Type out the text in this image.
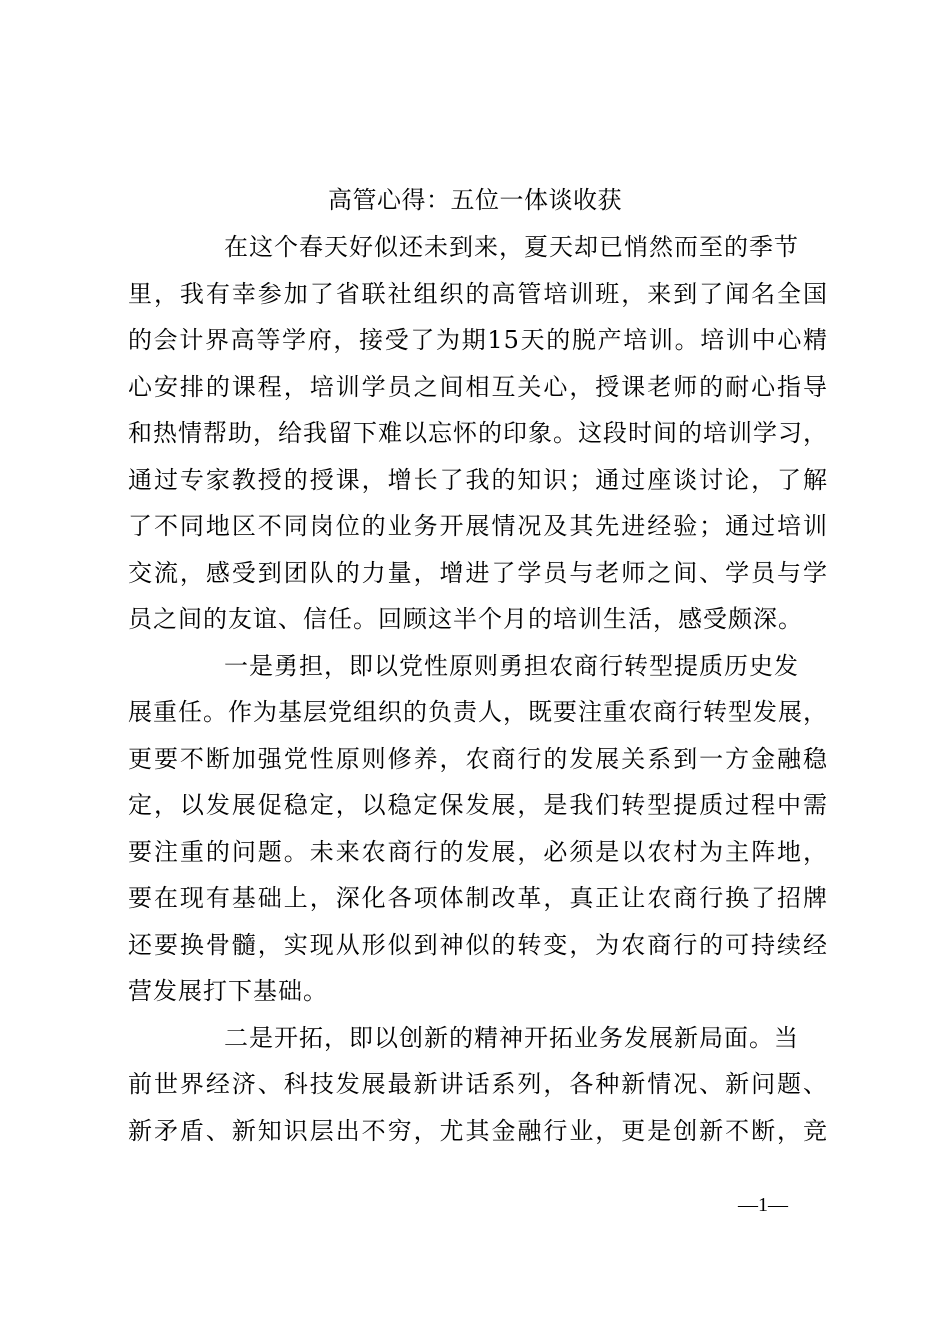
高管心得：五位一体谈收获
在这个春天好似还未到来，夏天却已悄然而至的季节
里，我有幸参加了省联社组织的高管培训班，来到了闻名全国
的会计界高等学府，接受了为期15天的脱产培训。培训中心精
心安排的课程，培训学员之间相互关心，授课老师的耐心指导
和热情帮助，给我留下难以忘怀的印象。这段时间的培训学习，
通过专家教授的授课，增长了我的知识；通过座谈讨论，了解
了不同地区不同岗位的业务开展情况及其先进经验；通过培训
交流，感受到团队的力量，增进了学员与老师之间、学员与学
员之间的友谊、信任。回顾这半个月的培训生活，感受颇深。
一是勇担，即以党性原则勇担农商行转型提质历史发
展重任。作为基层党组织的负责人，既要注重农商行转型发展，
更要不断加强党性原则修养，农商行的发展关系到一方金融稳
定，以发展促稳定，以稳定保发展，是我们转型提质过程中需
要注重的问题。未来农商行的发展，必须是以农村为主阵地，
要在现有基础上，深化各项体制改革，真正让农商行换了招牌
还要换骨髓，实现从形似到神似的转变，为农商行的可持续经
营发展打下基础。
二是开拓，即以创新的精神开拓业务发展新局面。当
前世界经济、科技发展最新讲话系列，各种新情况、新问题、
新矛盾、新知识层出不穷，尤其金融行业，更是创新不断，竞
—1—
